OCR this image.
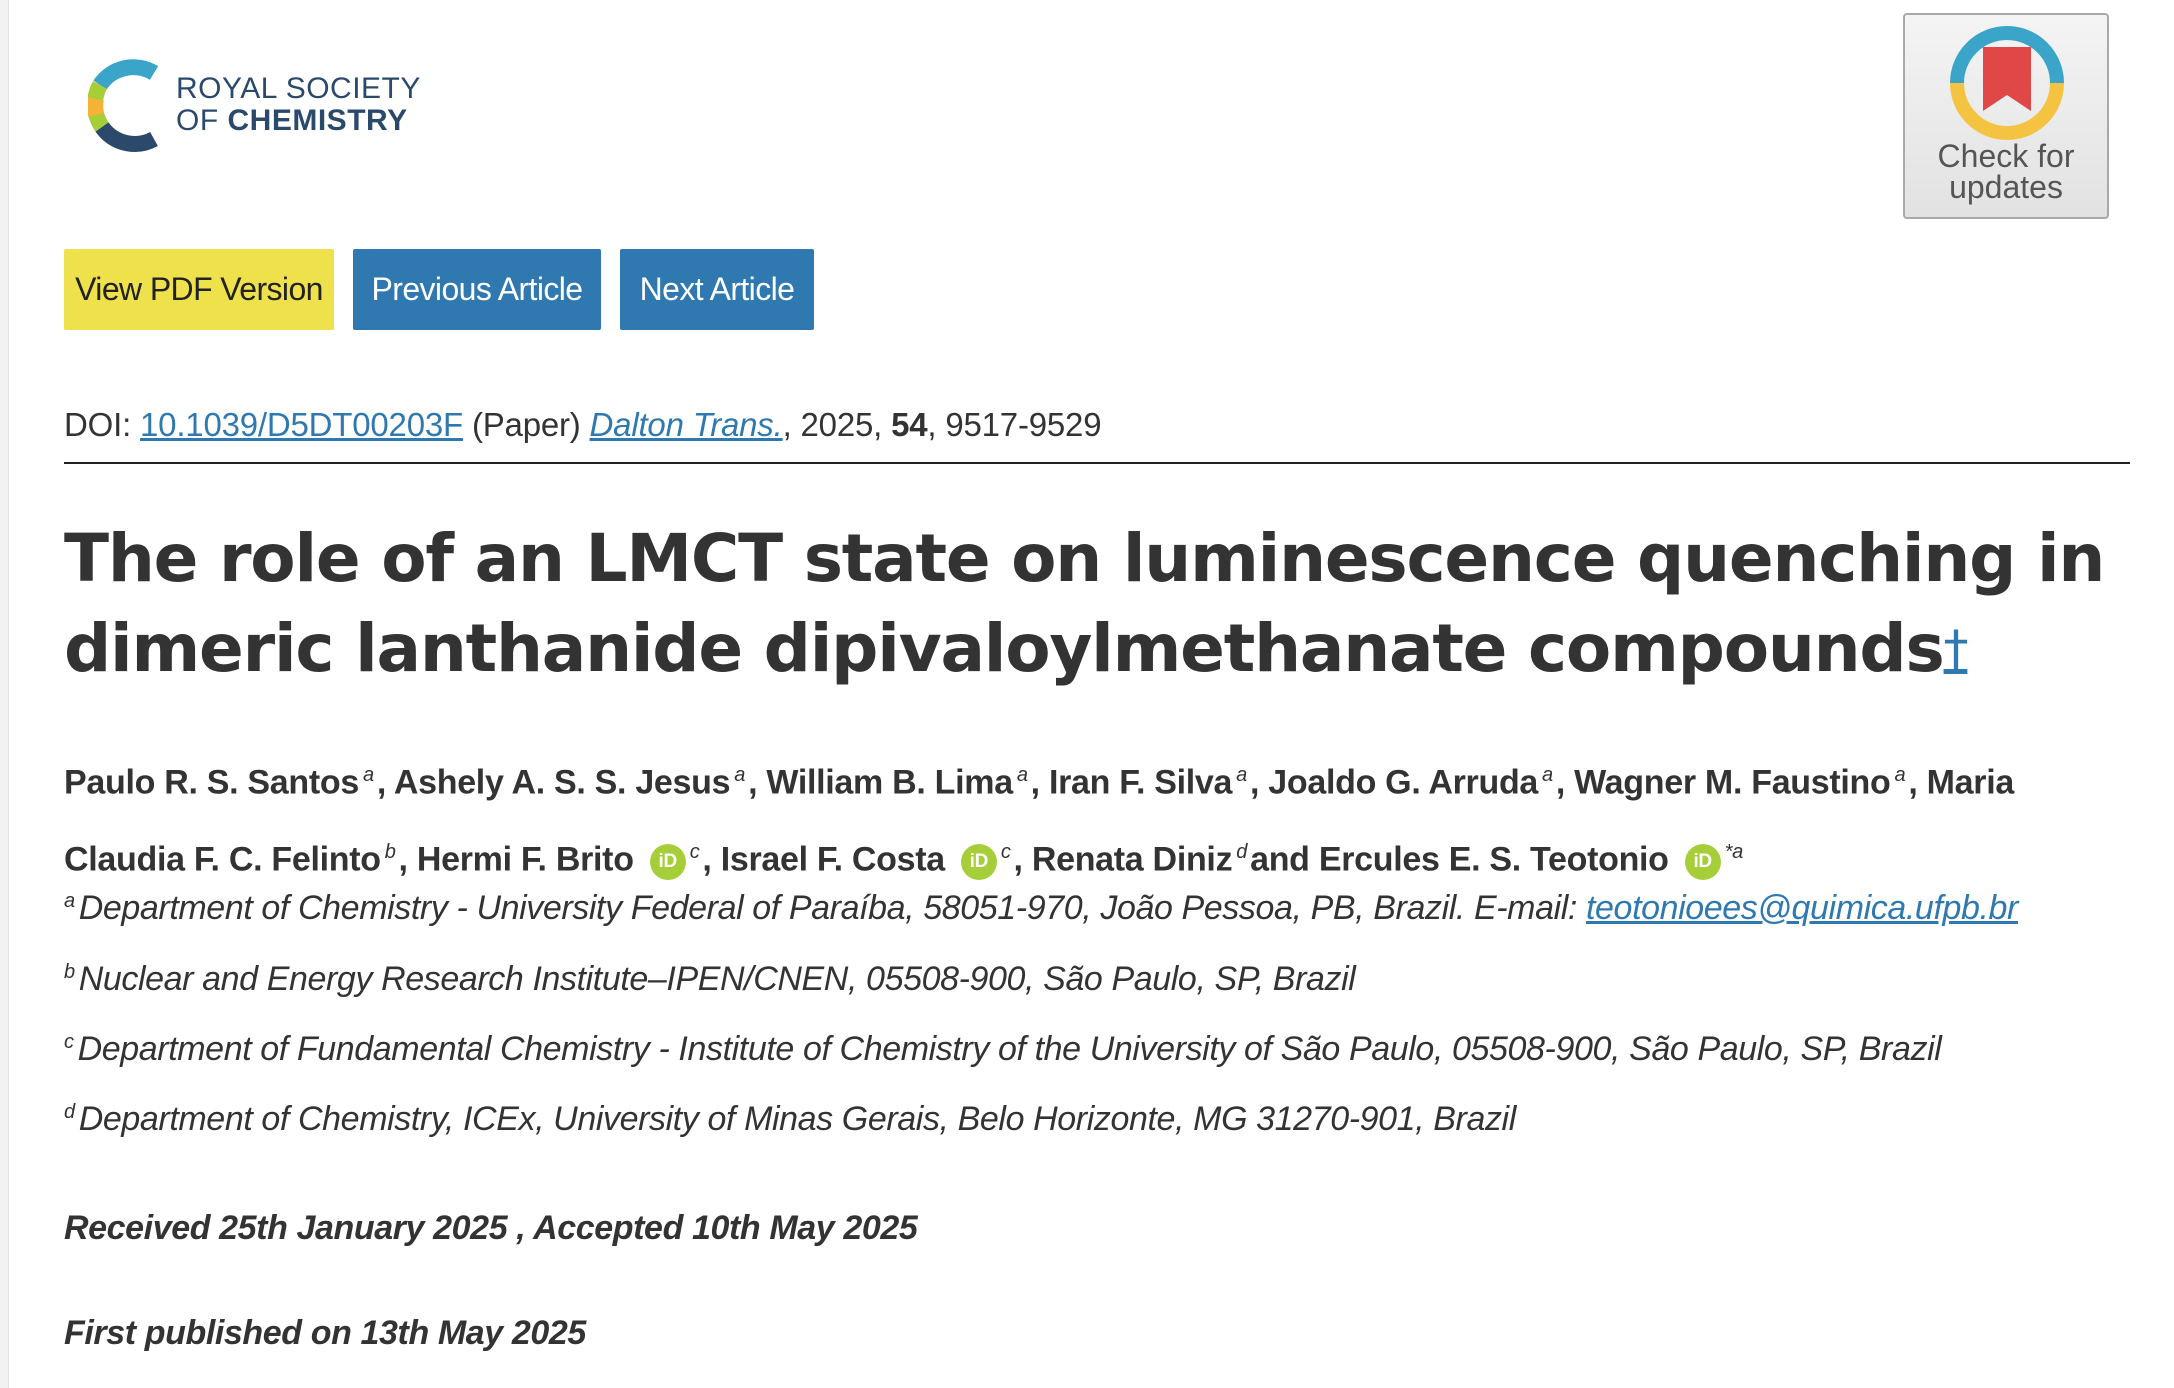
ROYAL SOCIETY
OF CHEMISTRY
Check for
updates
View PDF Version	Previous Article	Next Article
DOI: 10.1039/D5DT00203F (Paper) Dalton Trans., 2025, 54, 9517-9529
The role of an LMCT state on luminescence quenching in dimeric lanthanide dipivaloylmethanate compounds†
Paulo R. S. Santos $^a$, Ashely A. S. S. Jesus $^a$, William B. Lima $^a$, Iran F. Silva $^a$, Joaldo G. Arruda $^a$, Wagner M. Faustino $^a$, Maria Claudia F. C. Felinto $^b$, Hermi F. Brito iD $^c$, Israel F. Costa iD $^c$, Renata Diniz $^d$and Ercules E. S. Teotonio iD $^{*a}$
$^a$ Department of Chemistry - University Federal of Paraíba, 58051-970, João Pessoa, PB, Brazil. E-mail: teotonioees@quimica.ufpb.br
$^b$ Nuclear and Energy Research Institute–IPEN/CNEN, 05508-900, São Paulo, SP, Brazil
$^c$ Department of Fundamental Chemistry - Institute of Chemistry of the University of São Paulo, 05508-900, São Paulo, SP, Brazil
$^d$ Department of Chemistry, ICEx, University of Minas Gerais, Belo Horizonte, MG 31270-901, Brazil
Received 25th January 2025 , Accepted 10th May 2025
First published on 13th May 2025
